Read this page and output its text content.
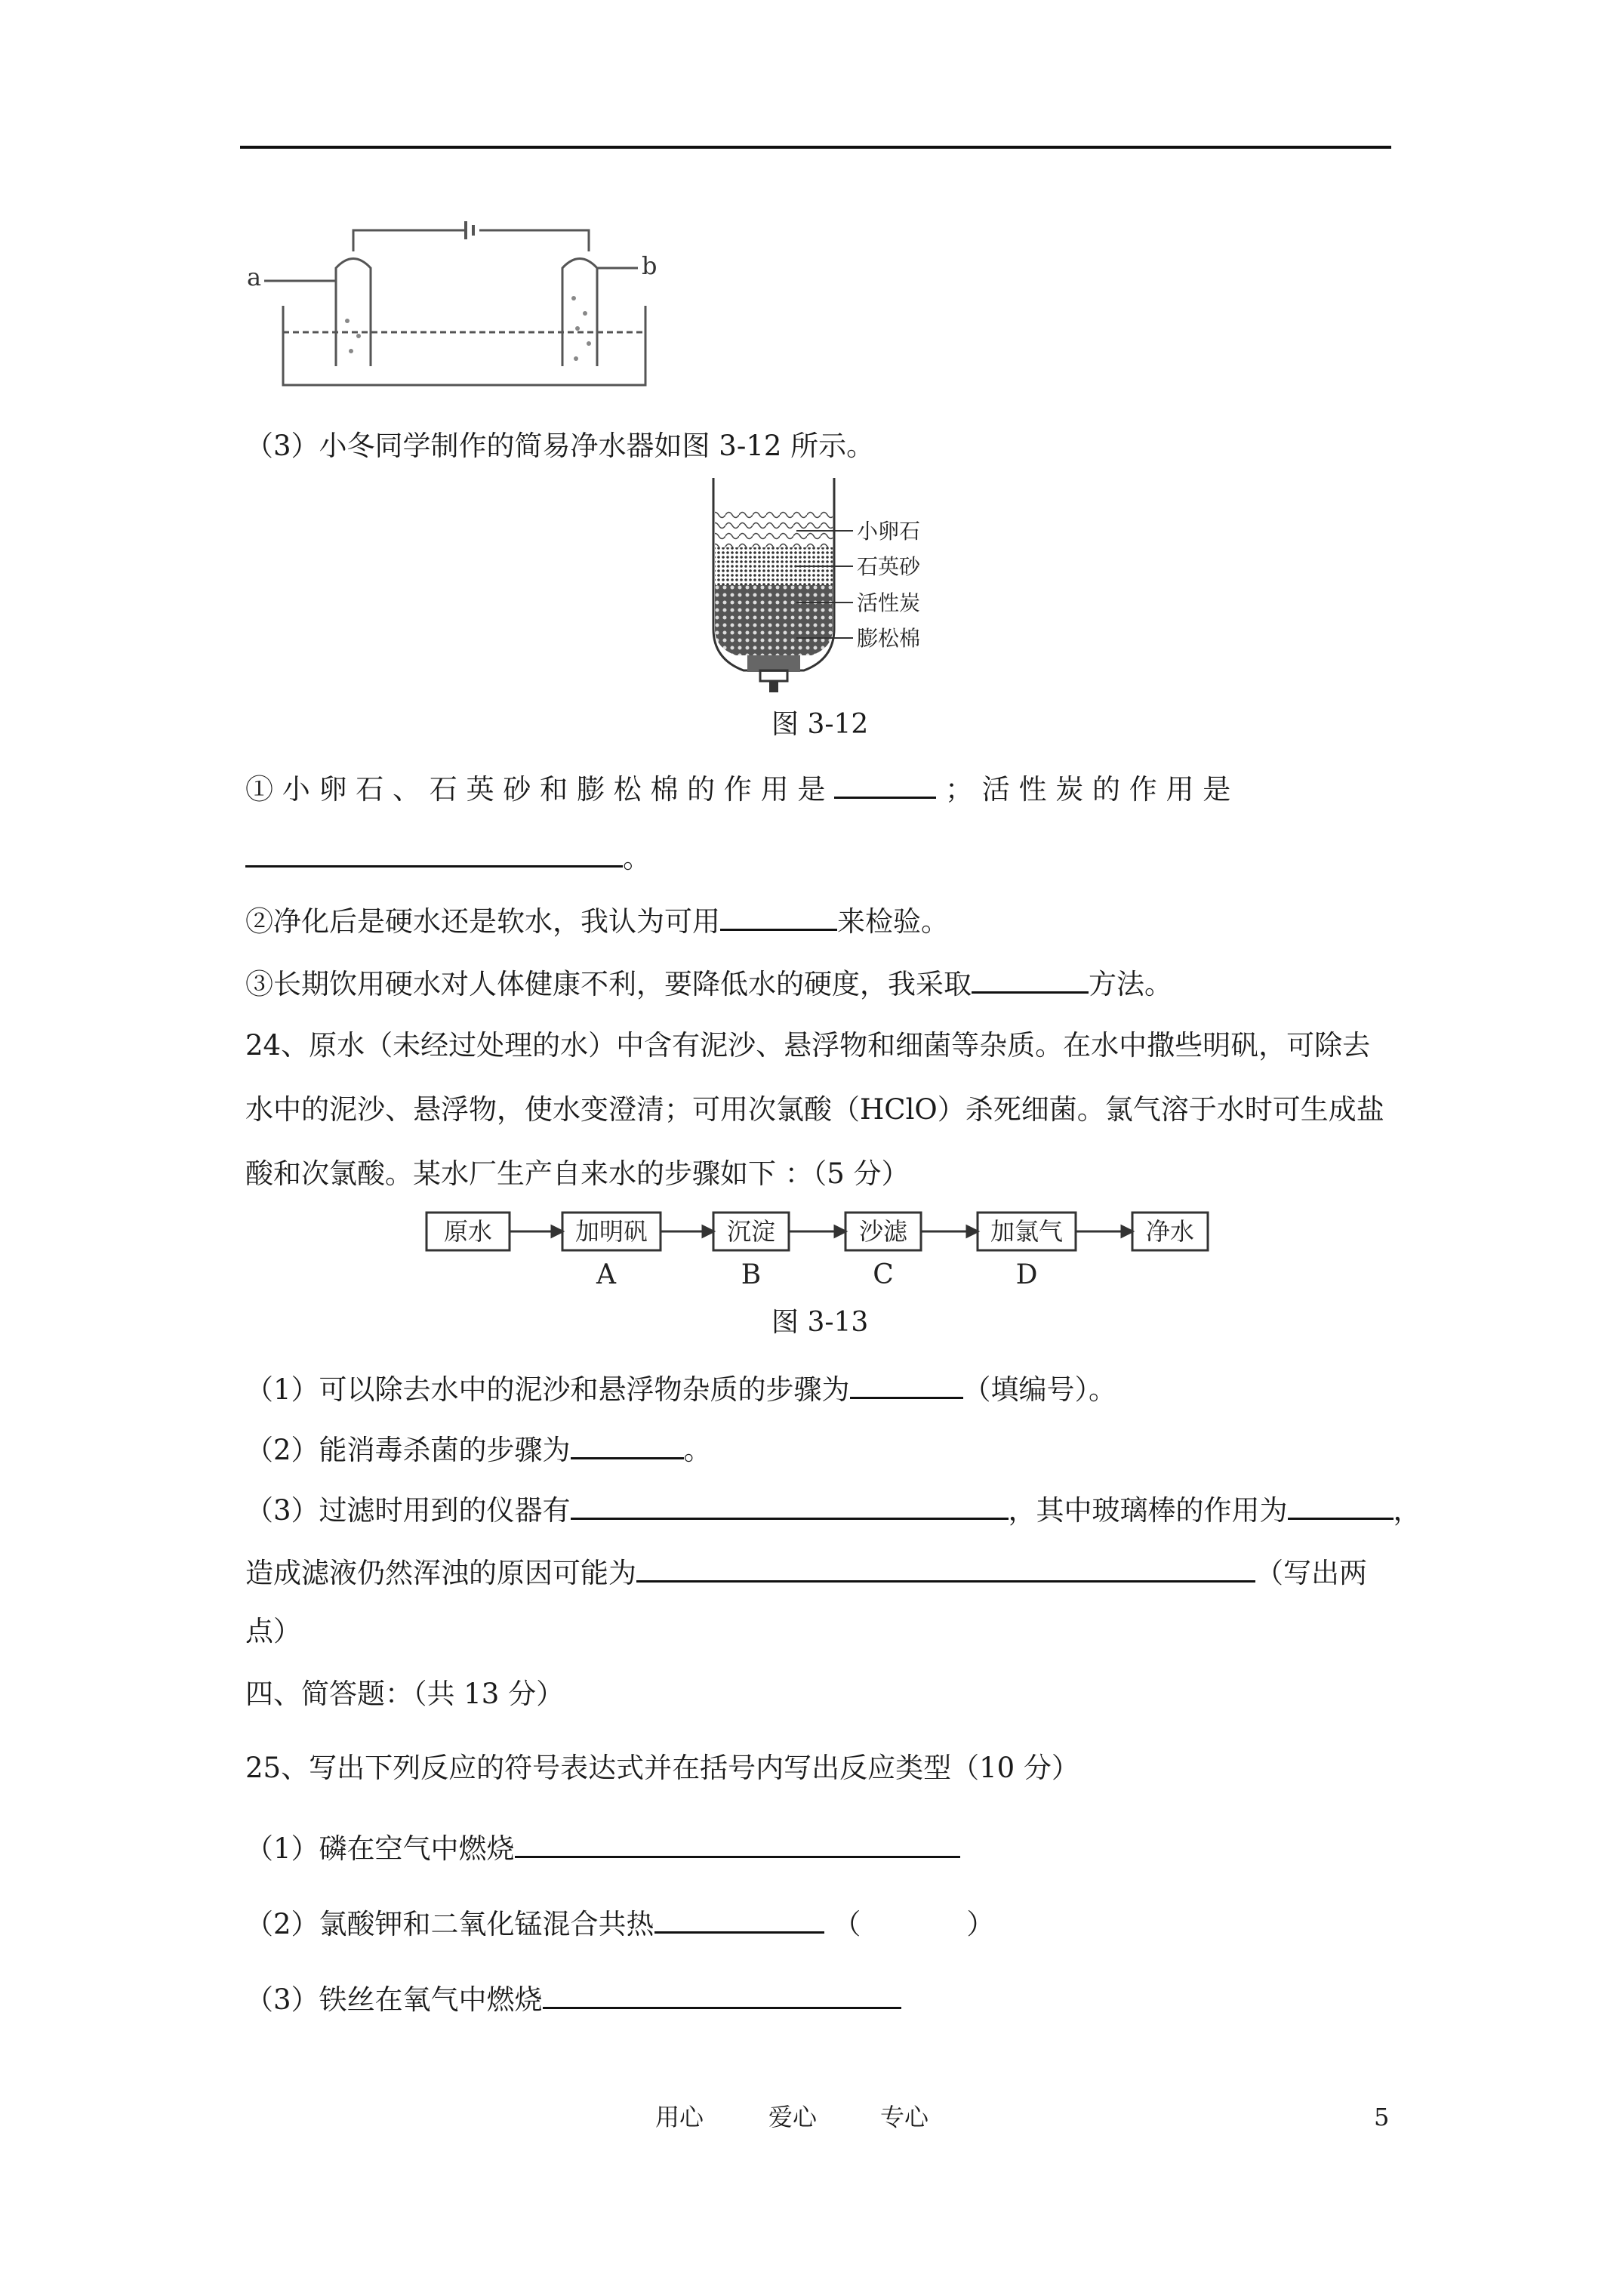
a	b
（3）小冬同学制作的简易净水器如图 3-12 所示。
小卵石
石英砂
活性炭
膨松棉
图 3-12
① 小 卵 石 、 石 英 砂 和 膨 松 棉 的 作 用 是	； 活 性 炭 的 作 用 是
。
②净化后是硬水还是软水，我认为可用	来检验。
③长期饮用硬水对人体健康不利，要降低水的硬度，我采取	方法。
24、原水（未经过处理的水）中含有泥沙、悬浮物和细菌等杂质。在水中撒些明矾，可除去
水中的泥沙、悬浮物，使水变澄清；可用次氯酸（HClO）杀死细菌。氯气溶于水时可生成盐
酸和次氯酸。某水厂生产自来水的步骤如下 ：（5 分）
原水	加明矾	沉淀	沙滤	加氯气	净水
A	B	C	D
图 3-13
（1）可以除去水中的泥沙和悬浮物杂质的步骤为	（填编号）。
（2）能消毒杀菌的步骤为	。
（3）过滤时用到的仪器有	，其中玻璃棒的作用为	，
造成滤液仍然浑浊的原因可能为	（写出两
点）
四、简答题：（共 13 分）
25、写出下列反应的符号表达式并在括号内写出反应类型（10 分）
（1）磷在空气中燃烧
（2）氯酸钾和二氧化锰混合共热	（	）
（3）铁丝在氧气中燃烧
用心	爱心	专心	5
